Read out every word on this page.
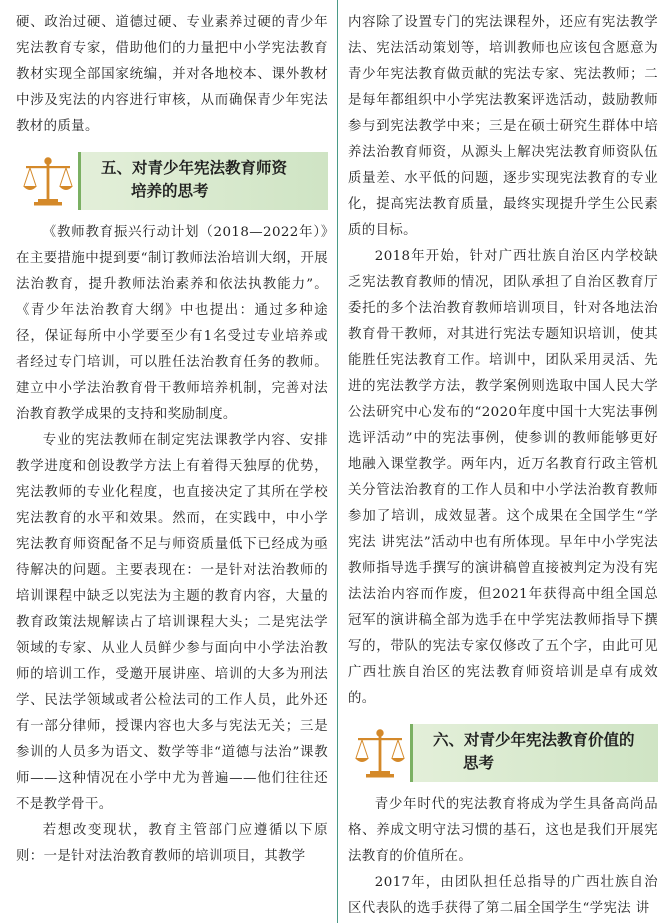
硬、政治过硬、道德过硬、专业素养过硬的青少年宪法教育专家，借助他们的力量把中小学宪法教育教材实现全部国家统编，并对各地校本、课外教材中涉及宪法的内容进行审核，从而确保青少年宪法教材的质量。

五、对青少年宪法教育师资
培养的思考

《教师教育振兴行动计划（2018—2022年）》在主要措施中提到要“制订教师法治培训大纲，开展法治教育，提升教师法治素养和依法执教能力”。《青少年法治教育大纲》中也提出：通过多种途径，保证每所中小学要至少有1名受过专业培养或者经过专门培训，可以胜任法治教育任务的教师。建立中小学法治教育骨干教师培养机制，完善对法治教育教学成果的支持和奖励制度。

专业的宪法教师在制定宪法课教学内容、安排教学进度和创设教学方法上有着得天独厚的优势，宪法教师的专业化程度，也直接决定了其所在学校宪法教育的水平和效果。然而，在实践中，中小学宪法教育师资配备不足与师资质量低下已经成为亟待解决的问题。主要表现在：一是针对法治教师的培训课程中缺乏以宪法为主题的教育内容，大量的教育政策法规解读占了培训课程大头；二是宪法学领域的专家、从业人员鲜少参与面向中小学法治教师的培训工作，受邀开展讲座、培训的大多为刑法学、民法学领域或者公检法司的工作人员，此外还有一部分律师，授课内容也大多与宪法无关；三是参训的人员多为语文、数学等非“道德与法治”课教师——这种情况在小学中尤为普遍——他们往往还不是教学骨干。

若想改变现状，教育主管部门应遵循以下原则：一是针对法治教育教师的培训项目，其教学

内容除了设置专门的宪法课程外，还应有宪法教学法、宪法活动策划等，培训教师也应该包含愿意为青少年宪法教育做贡献的宪法专家、宪法教师；二是每年都组织中小学宪法教案评选活动，鼓励教师参与到宪法教学中来；三是在硕士研究生群体中培养法治教育师资，从源头上解决宪法教育师资队伍质量差、水平低的问题，逐步实现宪法教育的专业化，提高宪法教育质量，最终实现提升学生公民素质的目标。

2018年开始，针对广西壮族自治区内学校缺乏宪法教育教师的情况，团队承担了自治区教育厅委托的多个法治教育教师培训项目，针对各地法治教育骨干教师，对其进行宪法专题知识培训，使其能胜任宪法教育工作。培训中，团队采用灵活、先进的宪法教学方法，教学案例则选取中国人民大学公法研究中心发布的“2020年度中国十大宪法事例选评活动”中的宪法事例，使参训的教师能够更好地融入课堂教学。两年内，近万名教育行政主管机关分管法治教育的工作人员和中小学法治教育教师参加了培训，成效显著。这个成果在全国学生“学宪法 讲宪法”活动中也有所体现。早年中小学宪法教师指导选手撰写的演讲稿曾直接被判定为没有宪法法治内容而作废，但2021年获得高中组全国总冠军的演讲稿全部为选手在中学宪法教师指导下撰写的，带队的宪法专家仅修改了五个字，由此可见广西壮族自治区的宪法教育师资培训是卓有成效的。

六、对青少年宪法教育价值的
思考

青少年时代的宪法教育将成为学生具备高尚品格、养成文明守法习惯的基石，这也是我们开展宪法教育的价值所在。

2017年，由团队担任总指导的广西壮族自治区代表队的选手获得了第二届全国学生“学宪法 讲
